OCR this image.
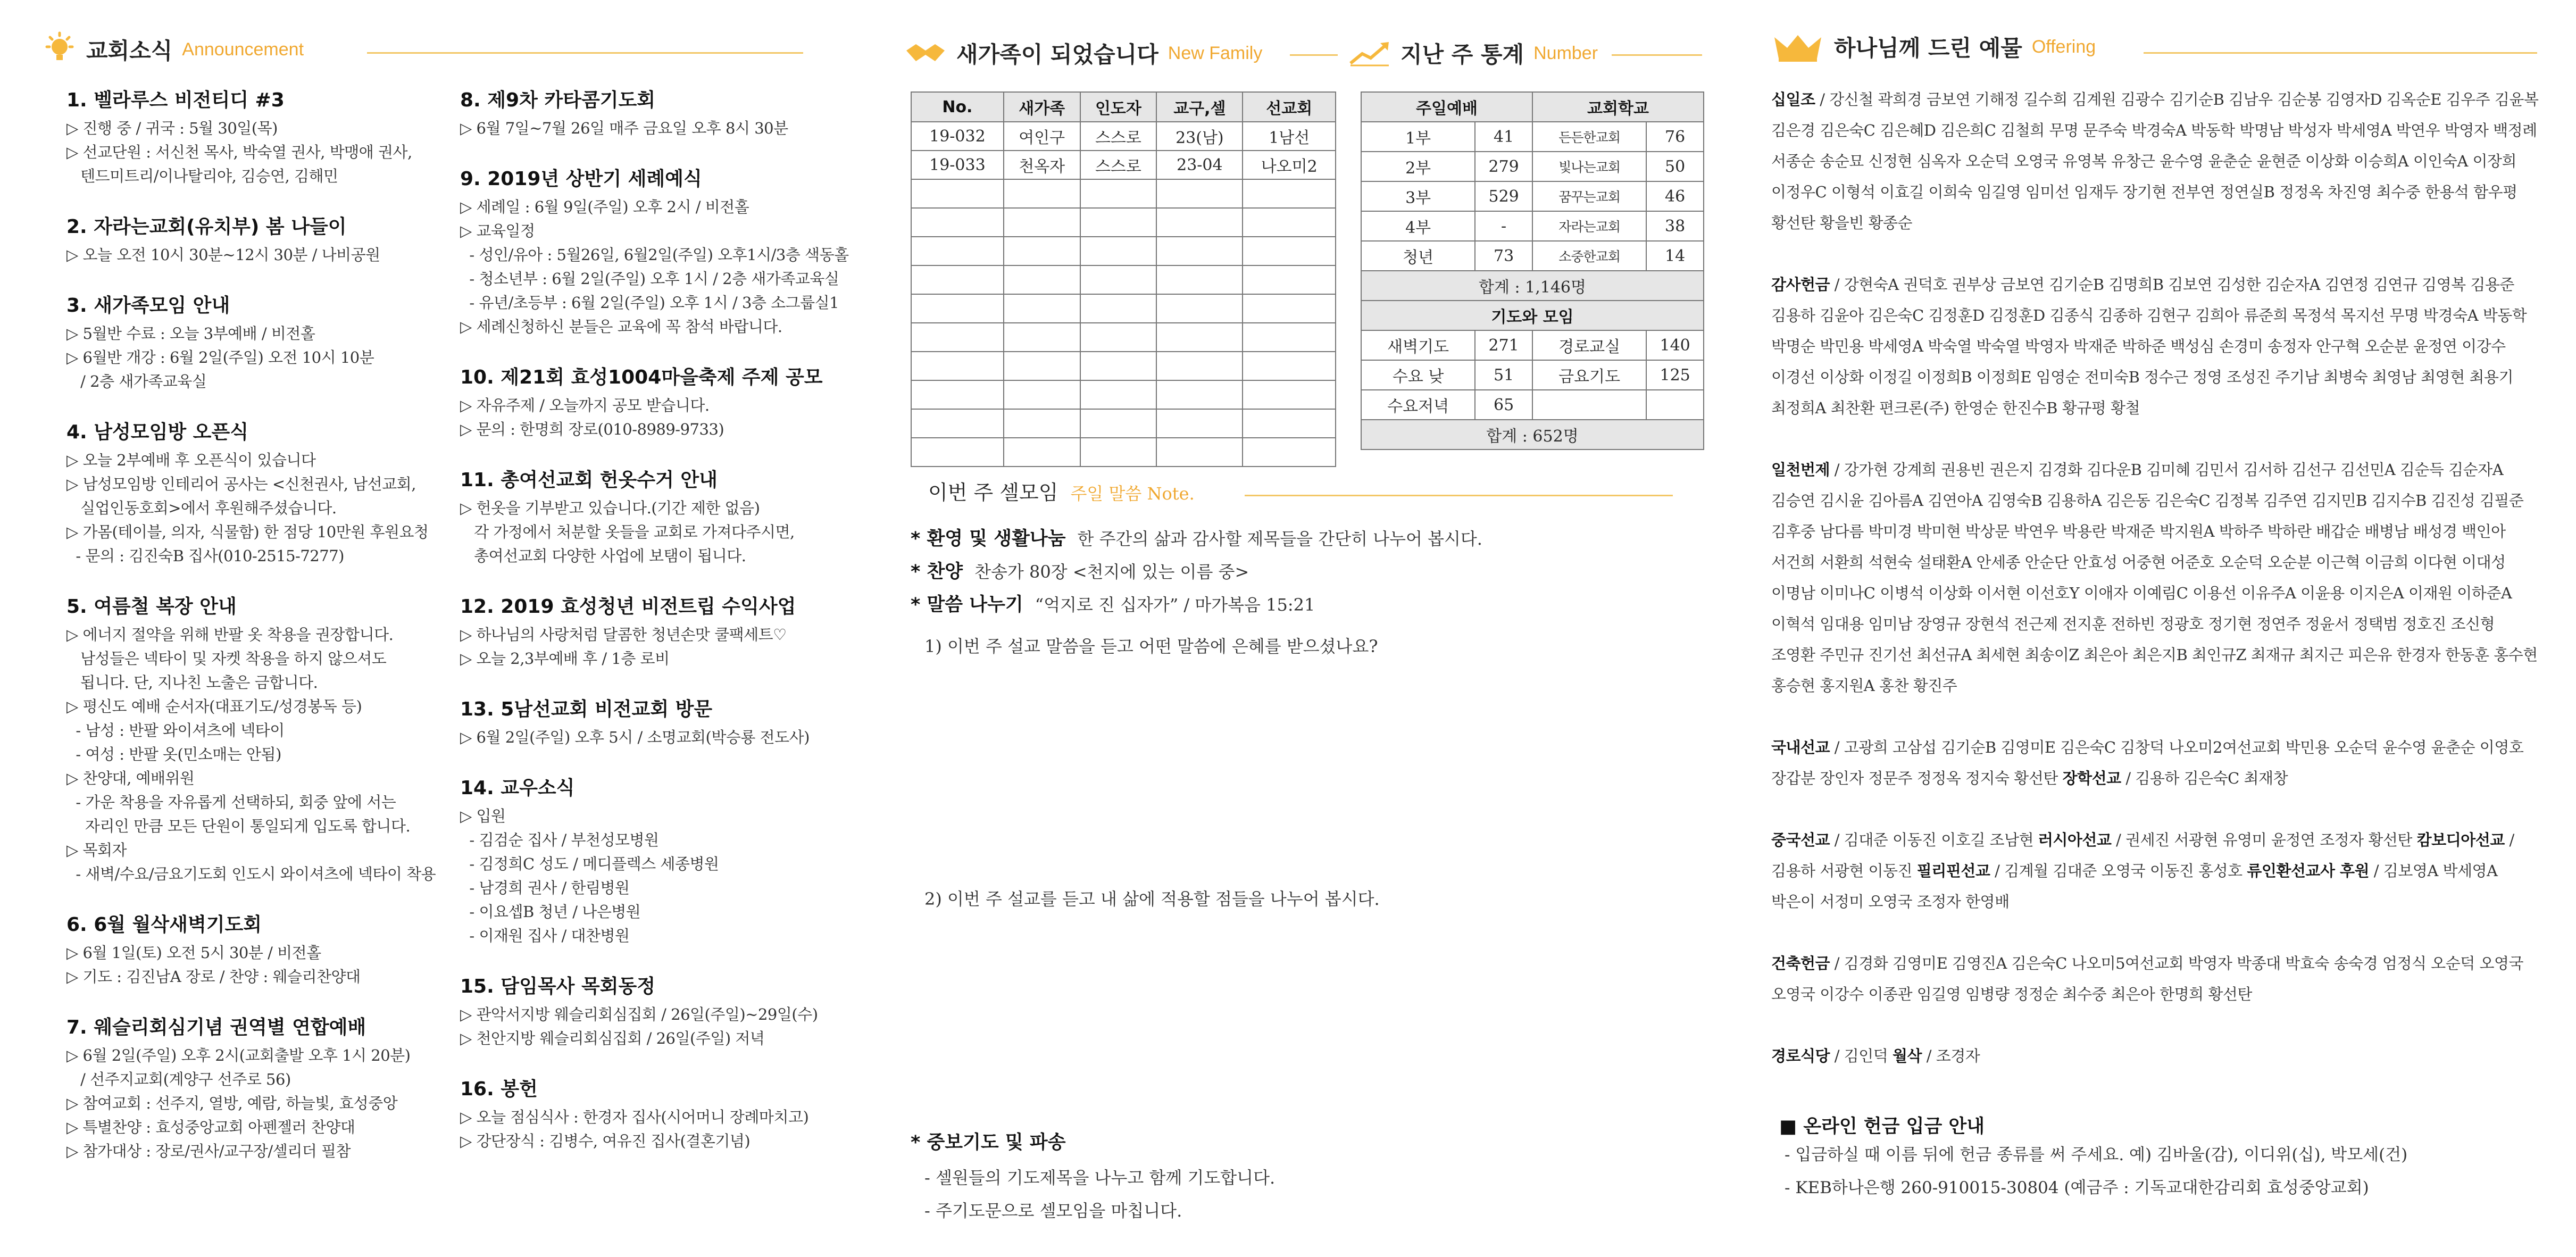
교회소식 Announcement
1. 벨라루스 비전티디 #3
▷ 진행 중 / 귀국 : 5월 30일(목)
▷ 선교단원 : 서신천 목사, 박숙열 권사, 박맹애 권사,
텐드미트리/이나탈리야, 김승연, 김해민
2. 자라는교회(유치부) 봄 나들이
▷ 오늘 오전 10시 30분~12시 30분 / 나비공원
3. 새가족모임 안내
▷ 5월반 수료 : 오늘 3부예배 / 비전홀
▷ 6월반 개강 : 6월 2일(주일) 오전 10시 10분
/ 2층 새가족교육실
4. 남성모임방 오픈식
▷ 오늘 2부예배 후 오픈식이 있습니다
▷ 남성모임방 인테리어 공사는 <신천권사, 남선교회,
실업인동호회>에서 후원해주셨습니다.
▷ 가몸(테이블, 의자, 식물함) 한 점당 10만원 후원요청
- 문의 : 김진숙B 집사(010-2515-7277)
5. 여름철 복장 안내
▷ 에너지 절약을 위해 반팔 옷 착용을 권장합니다.
남성들은 넥타이 및 자켓 착용을 하지 않으셔도
됩니다. 단, 지나친 노출은 금합니다.
▷ 평신도 예배 순서자(대표기도/성경봉독 등)
- 남성 : 반팔 와이셔츠에 넥타이
- 여성 : 반팔 옷(민소매는 안됨)
▷ 찬양대, 예배위원
- 가운 착용을 자유롭게 선택하되, 회중 앞에 서는
자리인 만큼 모든 단원이 통일되게 입도록 합니다.
▷ 목회자
- 새벽/수요/금요기도회 인도시 와이셔츠에 넥타이 착용
6. 6월 월삭새벽기도회
▷ 6월 1일(토) 오전 5시 30분 / 비전홀
▷ 기도 : 김진남A 장로 / 찬양 : 웨슬리찬양대
7. 웨슬리회심기념 권역별 연합예배
▷ 6월 2일(주일) 오후 2시(교회출발 오후 1시 20분)
/ 선주지교회(계양구 선주로 56)
▷ 참여교회 : 선주지, 열방, 예람, 하늘빛, 효성중앙
▷ 특별찬양 : 효성중앙교회 아펜젤러 찬양대
▷ 참가대상 : 장로/권사/교구장/셀리더 필참
8. 제9차 카타콤기도회
▷ 6월 7일~7월 26일 매주 금요일 오후 8시 30분
9. 2019년 상반기 세례예식
▷ 세례일 : 6월 9일(주일) 오후 2시 / 비전홀
▷ 교육일정
- 성인/유아 : 5월26일, 6월2일(주일) 오후1시/3층 색동홀
- 청소년부 : 6월 2일(주일) 오후 1시 / 2층 새가족교육실
- 유년/초등부 : 6월 2일(주일) 오후 1시 / 3층 소그룹실1
▷ 세례신청하신 분들은 교육에 꼭 참석 바랍니다.
10. 제21회 효성1004마을축제 주제 공모
▷ 자유주제 / 오늘까지 공모 받습니다.
▷ 문의 : 한명희 장로(010-8989-9733)
11. 총여선교회 헌옷수거 안내
▷ 헌옷을 기부받고 있습니다.(기간 제한 없음)
각 가정에서 처분할 옷들을 교회로 가져다주시면,
총여선교회 다양한 사업에 보탬이 됩니다.
12. 2019 효성청년 비전트립 수익사업
▷ 하나님의 사랑처럼 달콤한 청년손맛 쿨팩세트♡
▷ 오늘 2,3부예배 후 / 1층 로비
13. 5남선교회 비전교회 방문
▷ 6월 2일(주일) 오후 5시 / 소명교회(박승룡 전도사)
14. 교우소식
▷ 입원
- 김검순 집사 / 부천성모병원
- 김정희C 성도 / 메디플렉스 세종병원
- 남경희 권사 / 한림병원
- 이요셉B 청년 / 나은병원
- 이재원 집사 / 대찬병원
15. 담임목사 목회동정
▷ 관악서지방 웨슬리회심집회 / 26일(주일)~29일(수)
▷ 천안지방 웨슬리회심집회 / 26일(주일) 저녁
16. 봉헌
▷ 오늘 점심식사 : 한경자 집사(시어머니 장례마치고)
▷ 강단장식 : 김병수, 여유진 집사(결혼기념)
새가족이 되었습니다 New Family	지난 주 통계 Number
No.	새가족	인도자	교구,셀	선교회
19-032	여인구	스스로	23(남)	1남선
19-033	천옥자	스스로	23-04	나오미2

주일예배		교회학교	
1부	41	든든한교회	76
2부	279	빛나는교회	50
3부	529	꿈꾸는교회	46
4부	-	자라는교회	38
청년	73	소중한교회	14
합계 : 1,146명			
기도와 모임			
새벽기도	271	경로교실	140
수요 낮	51	금요기도	125
수요저녁	65		
합계 : 652명			
이번 주 셀모임 주일 말씀 Note.
* 환영 및 생활나눔 한 주간의 삶과 감사할 제목들을 간단히 나누어 봅시다.
* 찬양 찬송가 80장 <천지에 있는 이름 중>
* 말씀 나누기 “억지로 진 십자가” / 마가복음 15:21
1) 이번 주 설교 말씀을 듣고 어떤 말씀에 은혜를 받으셨나요?
2) 이번 주 설교를 듣고 내 삶에 적용할 점들을 나누어 봅시다.
* 중보기도 및 파송
- 셀원들의 기도제목을 나누고 함께 기도합니다.
- 주기도문으로 셀모임을 마칩니다.
하나님께 드린 예물 Offering

십일조 / 강신철 곽희경 금보연 기해정 길수희 김계원 김광수 김기순B 김남우 김순봉 김영자D 김옥순E 김우주 김윤복 김은경 김은숙C 김은혜D 김은희C 김철희 무명 문주숙 박경숙A 박동학 박명남 박성자 박세영A 박연우 박영자 백정례 서종순 송순묘 신정현 심옥자 오순덕 오영국 유영복 유창근 윤수영 윤춘순 윤현준 이상화 이승희A 이인숙A 이장희 이정우C 이형석 이효길 이희숙 임길영 임미선 임재두 장기현 전부연 정연실B 정정옥 차진영 최수중 한용석 함우평 황선탄 황을빈 황종순

감사헌금 / 강현숙A 권덕호 권부상 금보연 김기순B 김명희B 김보연 김성한 김순자A 김연정 김연규 김영복 김용준 김용하 김윤아 김은숙C 김정훈D 김정훈D 김종식 김종하 김현구 김희아 류준희 목정석 목지선 무명 박경숙A 박동학 박명순 박민용 박세영A 박숙열 박숙열 박영자 박재준 박하준 백성심 손경미 송정자 안구혁 오순분 윤정연 이강수 이경선 이상화 이정길 이정희B 이정희E 임영순 전미숙B 정수근 정영 조성진 주기남 최병숙 최영남 최영현 최용기 최정희A 최찬환 편크론(주) 한영순 한진수B 황규평 황철

일천번제 / 강가현 강계희 권용빈 권은지 김경화 김다운B 김미혜 김민서 김서하 김선구 김선민A 김순득 김순자A 김승연 김시윤 김아름A 김연아A 김영숙B 김용하A 김은동 김은숙C 김정복 김주연 김지민B 김지수B 김진성 김필준 김후중 남다름 박미경 박미현 박상문 박연우 박용란 박재준 박지원A 박하주 박하란 배갑순 배병남 배성경 백인아 서건희 서환희 석현숙 설태환A 안세종 안순단 안효성 어중현 어준호 오순덕 오순분 이근혁 이금희 이다현 이대성 이명남 이미나C 이병석 이상화 이서현 이선호Y 이애자 이예림C 이용선 이유주A 이윤용 이지은A 이재원 이하준A 이혁석 임대용 임미남 장영규 장현석 전근제 전지훈 전하빈 정광호 정기현 정연주 정윤서 정택범 정호진 조신형 조영환 주민규 진기선 최선규A 최세현 최송이Z 최은아 최은지B 최인규Z 최재규 최지근 피은유 한경자 한동훈 홍수현 홍승현 홍지원A 홍찬 황진주

국내선교 / 고광희 고삼섭 김기순B 김영미E 김은숙C 김창덕 나오미2여선교회 박민용 오순덕 윤수영 윤춘순 이영호 장갑분 장인자 정문주 정정옥 정지숙 황선탄 장학선교 / 김용하 김은숙C 최재창

중국선교 / 김대준 이동진 이호길 조남현 러시아선교 / 권세진 서광현 유영미 윤정연 조정자 황선탄 캄보디아선교 / 김용하 서광현 이동진 필리핀선교 / 김계월 김대준 오영국 이동진 홍성호 류인환선교사 후원 / 김보영A 박세영A 박은이 서정미 오영국 조정자 한영배

건축헌금 / 김경화 김영미E 김영진A 김은숙C 나오미5여선교회 박영자 박종대 박효숙 송숙경 엄정식 오순덕 오영국 오영국 이강수 이종관 임길영 임병량 정정순 최수중 최은아 한명희 황선탄

경로식당 / 김인덕 월삭 / 조경자

■ 온라인 헌금 입금 안내
- 입금하실 때 이름 뒤에 헌금 종류를 써 주세요. 예) 김바울(감), 이디위(십), 박모세(건)
- KEB하나은행 260-910015-30804 (예금주 : 기독교대한감리회 효성중앙교회)
